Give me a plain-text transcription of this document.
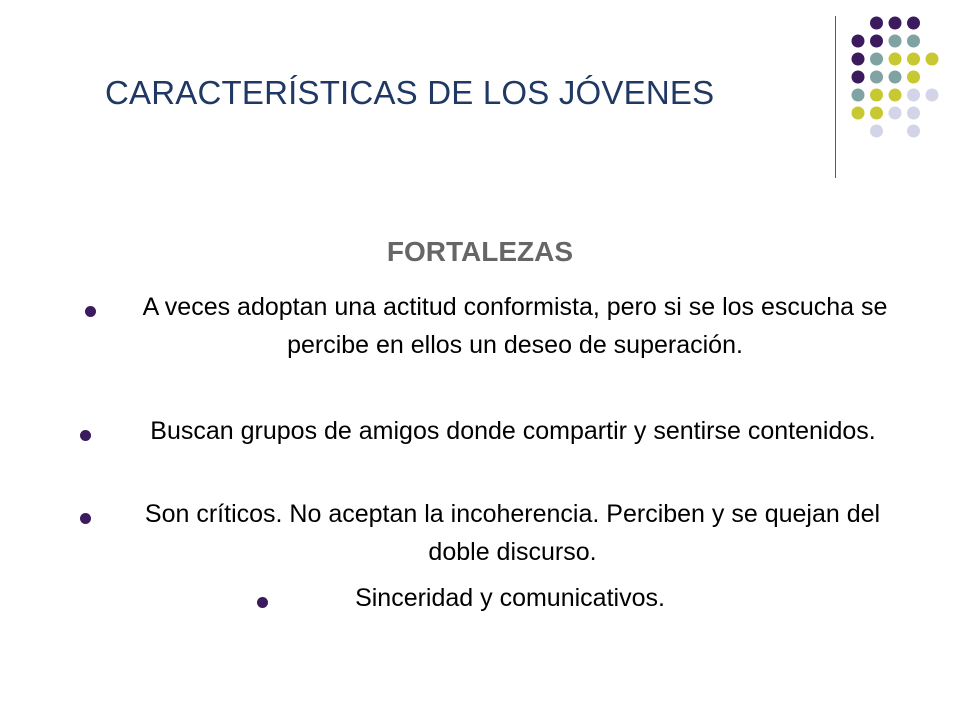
CARACTERÍSTICAS DE LOS JÓVENES
FORTALEZAS
A veces adoptan una actitud conformista, pero si se los escucha se percibe en ellos un deseo de superación.
Buscan grupos de amigos donde compartir y sentirse contenidos.
Son críticos. No aceptan la incoherencia. Perciben y se quejan del doble discurso.
Sinceridad y comunicativos.
